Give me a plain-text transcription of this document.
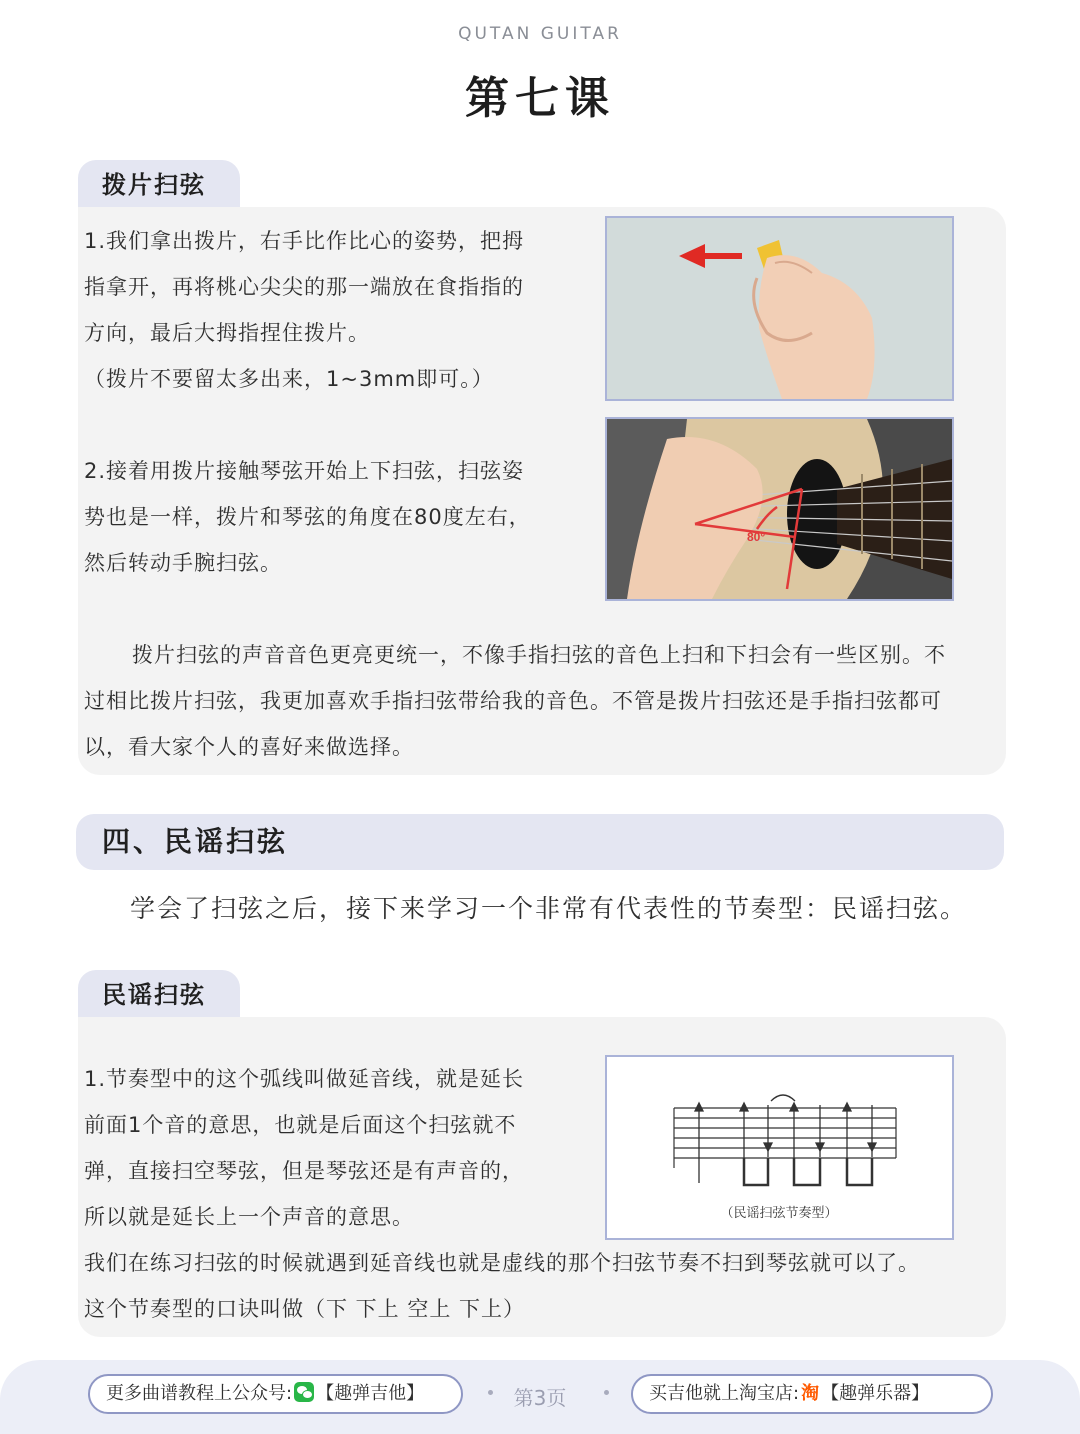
QUTAN GUITAR
第七课
拨片扫弦
1.我们拿出拨片，右手比作比心的姿势，把拇
指拿开，再将桃心尖尖的那一端放在食指指的
方向，最后大拇指捏住拨片。
（拨片不要留太多出来，1~3mm即可。）
2.接着用拨片接触琴弦开始上下扫弦，扫弦姿
势也是一样，拨片和琴弦的角度在80度左右，
然后转动手腕扫弦。
拨片扫弦的声音音色更亮更统一，不像手指扫弦的音色上扫和下扫会有一些区别。不
过相比拨片扫弦，我更加喜欢手指扫弦带给我的音色。不管是拨片扫弦还是手指扫弦都可
以，看大家个人的喜好来做选择。
80°
四、民谣扫弦
学会了扫弦之后，接下来学习一个非常有代表性的节奏型：民谣扫弦。
民谣扫弦
1.节奏型中的这个弧线叫做延音线，就是延长
前面1个音的意思，也就是后面这个扫弦就不
弹，直接扫空琴弦，但是琴弦还是有声音的，
所以就是延长上一个声音的意思。
我们在练习扫弦的时候就遇到延音线也就是虚线的那个扫弦节奏不扫到琴弦就可以了。
这个节奏型的口诀叫做（下 下上 空上 下上）
（民谣扫弦节奏型）
更多曲谱教程上公众号: 【趣弹吉他】	第3页	买吉他就上淘宝店: 淘 【趣弹乐器】
